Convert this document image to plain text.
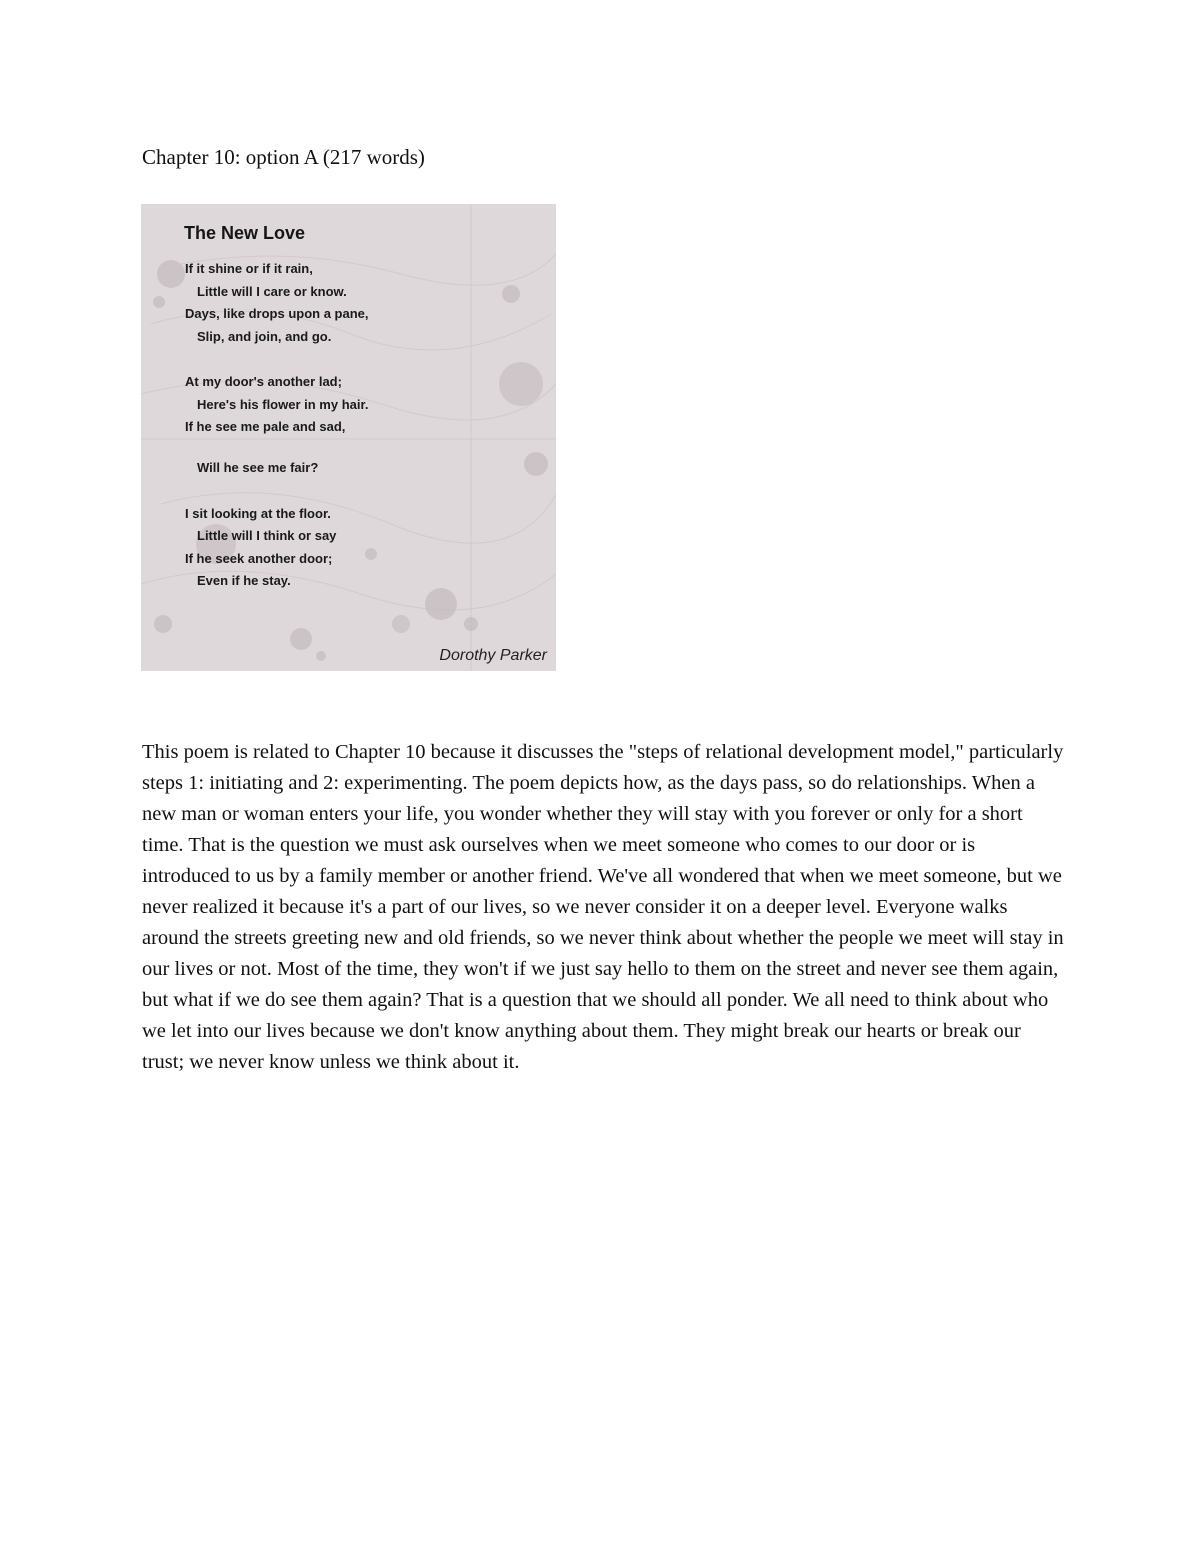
Chapter 10: option A (217 words)
The New Love
If it shine or if it rain,
Little will I care or know.
Days, like drops upon a pane,
Slip, and join, and go.
At my door's another lad;
Here's his flower in my hair.
If he see me pale and sad,
Will he see me fair?
I sit looking at the floor.
Little will I think or say
If he seek another door;
Even if he stay.
Dorothy Parker

This poem is related to Chapter 10 because it discusses the "steps of relational development model," particularly steps 1: initiating and 2: experimenting. The poem depicts how, as the days pass, so do relationships. When a new man or woman enters your life, you wonder whether they will stay with you forever or only for a short time. That is the question we must ask ourselves when we meet someone who comes to our door or is introduced to us by a family member or another friend. We've all wondered that when we meet someone, but we never realized it because it's a part of our lives, so we never consider it on a deeper level. Everyone walks around the streets greeting new and old friends, so we never think about whether the people we meet will stay in our lives or not. Most of the time, they won't if we just say hello to them on the street and never see them again, but what if we do see them again? That is a question that we should all ponder. We all need to think about who we let into our lives because we don't know anything about them. They might break our hearts or break our trust; we never know unless we think about it.
